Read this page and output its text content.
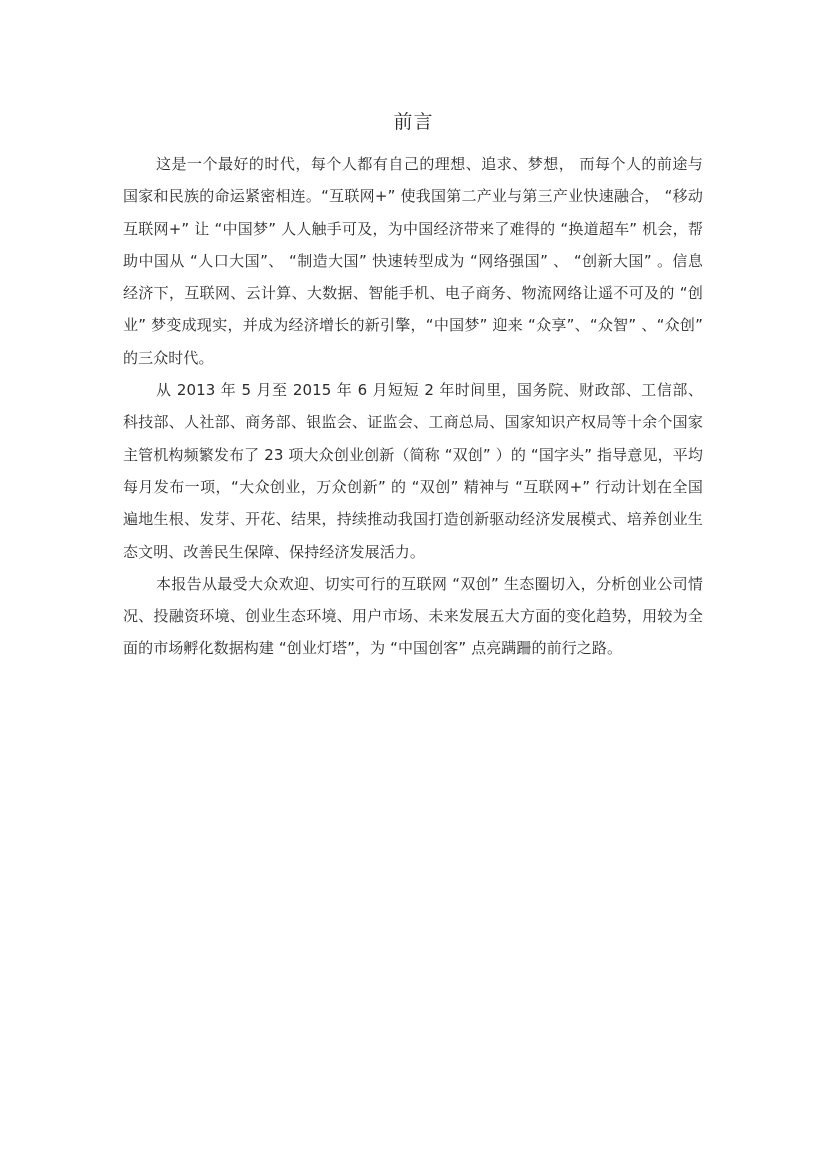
前言

这是一个最好的时代，每个人都有自己的理想、追求、梦想， 而每个人的前途与国家和民族的命运紧密相连。“互联网+” 使我国第二产业与第三产业快速融合， “移动互联网+” 让 “中国梦” 人人触手可及，为中国经济带来了难得的 “换道超车” 机会，帮助中国从 “人口大国”、 “制造大国” 快速转型成为 “网络强国” 、 “创新大国” 。信息经济下，互联网、云计算、大数据、智能手机、电子商务、物流网络让遥不可及的 “创业” 梦变成现实，并成为经济增长的新引擎，“中国梦” 迎来 “众享”、“众智” 、“众创” 的三众时代。

从 2013 年 5 月至 2015 年 6 月短短 2 年时间里，国务院、财政部、工信部、科技部、人社部、商务部、银监会、证监会、工商总局、国家知识产权局等十余个国家主管机构频繁发布了 23 项大众创业创新（简称 “双创” ）的 “国字头” 指导意见，平均每月发布一项，“大众创业，万众创新” 的 “双创” 精神与 “互联网+” 行动计划在全国遍地生根、发芽、开花、结果，持续推动我国打造创新驱动经济发展模式、培养创业生态文明、改善民生保障、保持经济发展活力。

本报告从最受大众欢迎、切实可行的互联网 “双创” 生态圈切入，分析创业公司情况、投融资环境、创业生态环境、用户市场、未来发展五大方面的变化趋势，用较为全面的市场孵化数据构建 “创业灯塔”，为 “中国创客” 点亮蹒跚的前行之路。
